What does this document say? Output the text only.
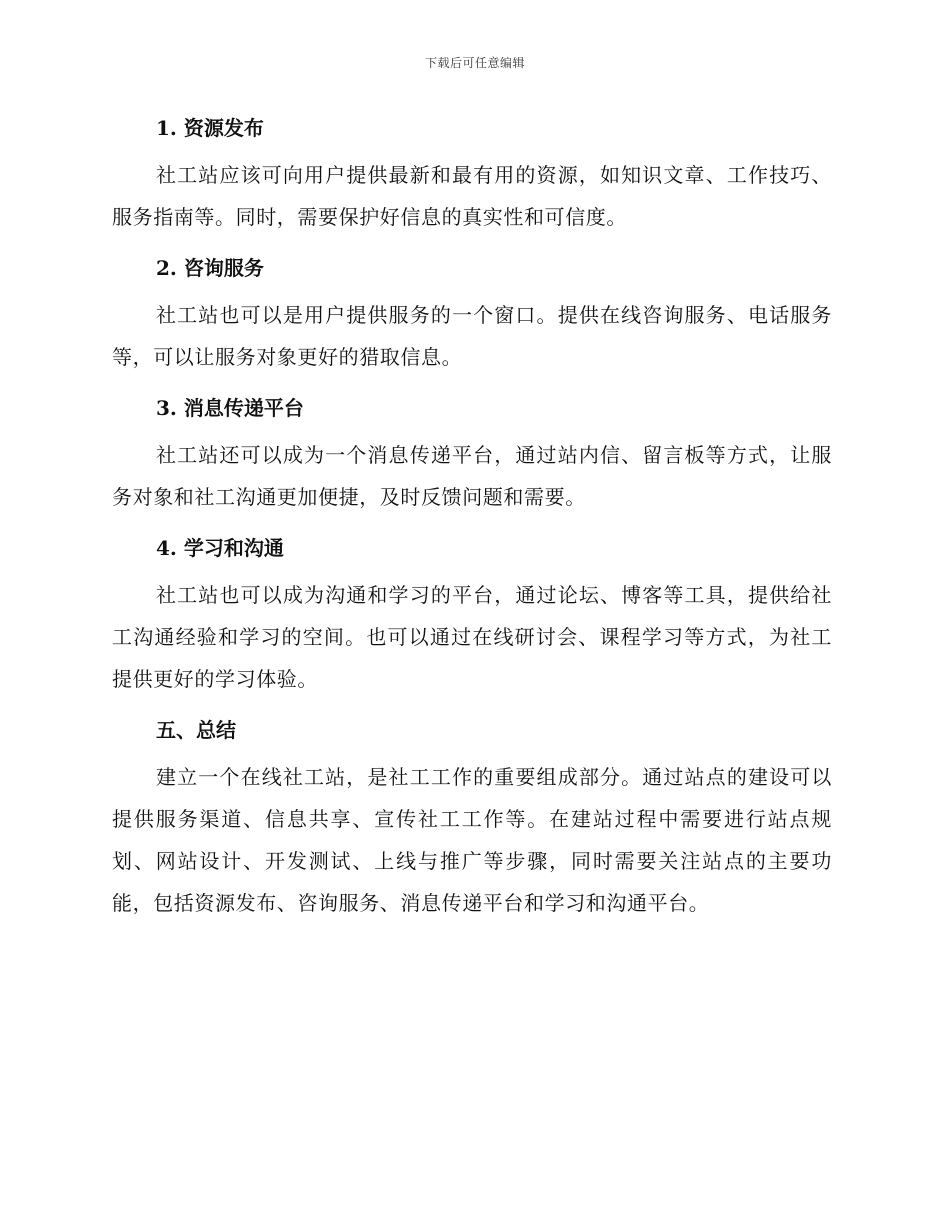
下载后可任意编辑
1. 资源发布

社工站应该可向用户提供最新和最有用的资源，如知识文章、工作技巧、服务指南等。同时，需要保护好信息的真实性和可信度。

2. 咨询服务

社工站也可以是用户提供服务的一个窗口。提供在线咨询服务、电话服务等，可以让服务对象更好的猎取信息。

3. 消息传递平台

社工站还可以成为一个消息传递平台，通过站内信、留言板等方式，让服务对象和社工沟通更加便捷，及时反馈问题和需要。

4. 学习和沟通

社工站也可以成为沟通和学习的平台，通过论坛、博客等工具，提供给社工沟通经验和学习的空间。也可以通过在线研讨会、课程学习等方式，为社工提供更好的学习体验。

五、总结

建立一个在线社工站，是社工工作的重要组成部分。通过站点的建设可以提供服务渠道、信息共享、宣传社工工作等。在建站过程中需要进行站点规划、网站设计、开发测试、上线与推广等步骤，同时需要关注站点的主要功能，包括资源发布、咨询服务、消息传递平台和学习和沟通平台。
